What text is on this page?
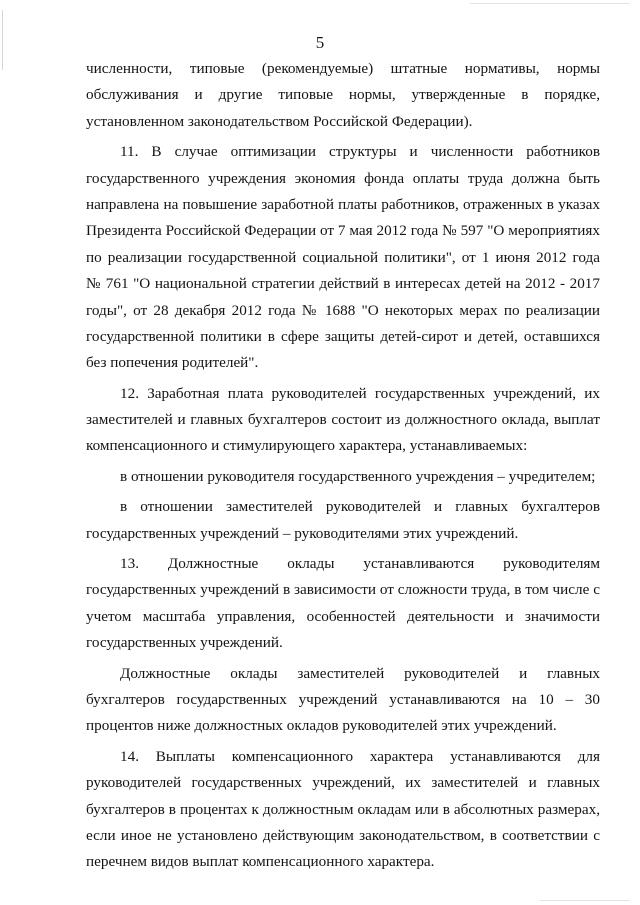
5
численности, типовые (рекомендуемые) штатные нормативы, нормы
обслуживания и другие типовые нормы, утвержденные в порядке,
установленном законодательством Российской Федерации).
11. В случае оптимизации структуры и численности работников
государственного учреждения экономия фонда оплаты труда должна быть
направлена на повышение заработной платы работников, отраженных в указах
Президента Российской Федерации от 7 мая 2012 года № 597 "О мероприятиях
по реализации государственной социальной политики", от 1 июня 2012 года
№ 761 "О национальной стратегии действий в интересах детей на 2012 - 2017
годы", от 28 декабря 2012 года № 1688 "О некоторых мерах по реализации
государственной политики в сфере защиты детей-сирот и детей, оставшихся
без попечения родителей".
12. Заработная плата руководителей государственных учреждений, их
заместителей и главных бухгалтеров состоит из должностного оклада, выплат
компенсационного и стимулирующего характера, устанавливаемых:
в отношении руководителя государственного учреждения – учредителем;
в отношении заместителей руководителей и главных бухгалтеров
государственных учреждений – руководителями этих учреждений.
13. Должностные оклады устанавливаются руководителям
государственных учреждений в зависимости от сложности труда, в том числе с
учетом масштаба управления, особенностей деятельности и значимости
государственных учреждений.
Должностные оклады заместителей руководителей и главных
бухгалтеров государственных учреждений устанавливаются на 10 – 30
процентов ниже должностных окладов руководителей этих учреждений.
14. Выплаты компенсационного характера устанавливаются для
руководителей государственных учреждений, их заместителей и главных
бухгалтеров в процентах к должностным окладам или в абсолютных размерах,
если иное не установлено действующим законодательством, в соответствии с
перечнем видов выплат компенсационного характера.
